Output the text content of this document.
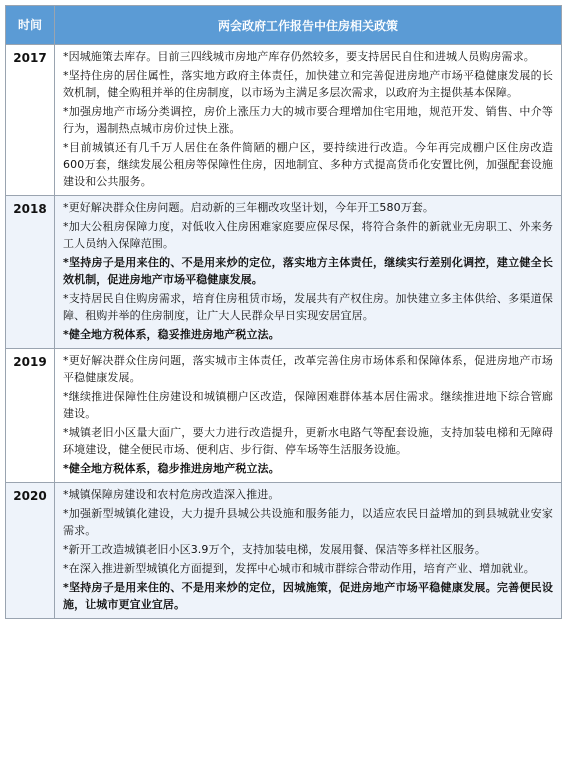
时间	两会政府工作报告中住房相关政策
2017	*因城施策去库存。目前三四线城市房地产库存仍然较多，要支持居民自住和进城人员购房需求。
*坚持住房的居住属性，落实地方政府主体责任，加快建立和完善促进房地产市场平稳健康发展的长效机制，健全购租并举的住房制度，以市场为主满足多层次需求，以政府为主提供基本保障。
*加强房地产市场分类调控，房价上涨压力大的城市要合理增加住宅用地，规范开发、销售、中介等行为，遏制热点城市房价过快上涨。
*目前城镇还有几千万人居住在条件简陋的棚户区，要持续进行改造。今年再完成棚户区住房改造600万套，继续发展公租房等保障性住房，因地制宜、多种方式提高货币化安置比例，加强配套设施建设和公共服务。

2018	*更好解决群众住房问题。启动新的三年棚改攻坚计划，今年开工580万套。
*加大公租房保障力度，对低收入住房困难家庭要应保尽保，将符合条件的新就业无房职工、外来务工人员纳入保障范围。
*坚持房子是用来住的、不是用来炒的定位，落实地方主体责任，继续实行差别化调控，建立健全长效机制，促进房地产市场平稳健康发展。
*支持居民自住购房需求，培育住房租赁市场，发展共有产权住房。加快建立多主体供给、多渠道保障、租购并举的住房制度，让广大人民群众早日实现安居宜居。
*健全地方税体系，稳妥推进房地产税立法。

2019	*更好解决群众住房问题，落实城市主体责任，改革完善住房市场体系和保障体系，促进房地产市场平稳健康发展。
*继续推进保障性住房建设和城镇棚户区改造，保障困难群体基本居住需求。继续推进地下综合管廊建设。
*城镇老旧小区量大面广，要大力进行改造提升，更新水电路气等配套设施，支持加装电梯和无障碍环境建设，健全便民市场、便利店、步行街、停车场等生活服务设施。
*健全地方税体系，稳步推进房地产税立法。

2020	*城镇保障房建设和农村危房改造深入推进。
*加强新型城镇化建设，大力提升县城公共设施和服务能力，以适应农民日益增加的到县城就业安家需求。
*新开工改造城镇老旧小区3.9万个，支持加装电梯，发展用餐、保洁等多样社区服务。
*在深入推进新型城镇化方面提到，发挥中心城市和城市群综合带动作用，培育产业、增加就业。
*坚持房子是用来住的、不是用来炒的定位，因城施策，促进房地产市场平稳健康发展。完善便民设施，让城市更宜业宜居。
